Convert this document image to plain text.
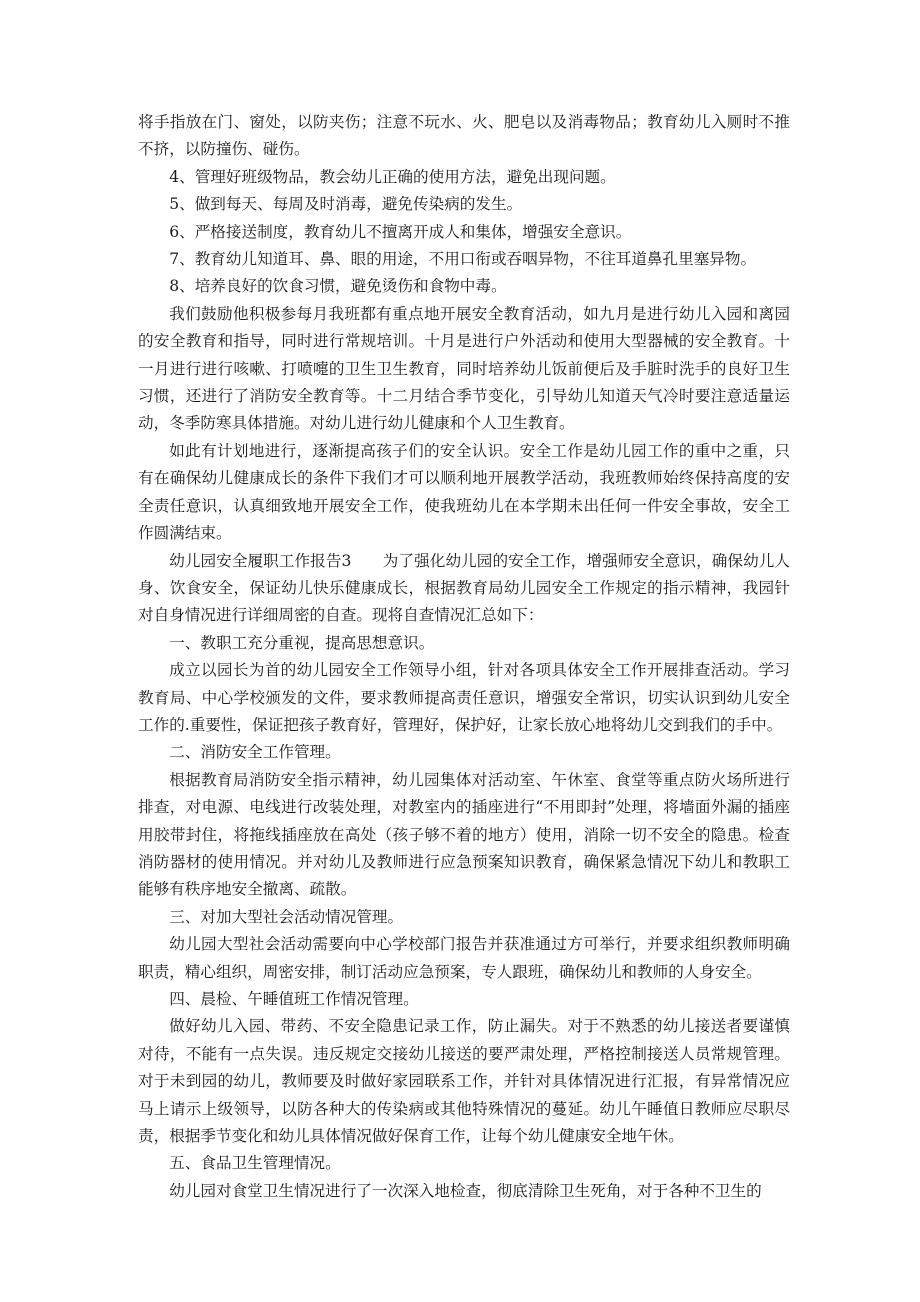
将手指放在门、窗处，以防夹伤；注意不玩水、火、肥皂以及消毒物品；教育幼儿入厕时不推不挤，以防撞伤、碰伤。

4、管理好班级物品，教会幼儿正确的使用方法，避免出现问题。

5、做到每天、每周及时消毒，避免传染病的发生。

6、严格接送制度，教育幼儿不擅离开成人和集体，增强安全意识。

7、教育幼儿知道耳、鼻、眼的用途，不用口衔或吞咽异物，不往耳道鼻孔里塞异物。

8、培养良好的饮食习惯，避免烫伤和食物中毒。

我们鼓励他积极参每月我班都有重点地开展安全教育活动，如九月是进行幼儿入园和离园的安全教育和指导，同时进行常规培训。十月是进行户外活动和使用大型器械的安全教育。十一月进行进行咳嗽、打喷嚏的卫生卫生教育，同时培养幼儿饭前便后及手脏时洗手的良好卫生习惯，还进行了消防安全教育等。十二月结合季节变化，引导幼儿知道天气冷时要注意适量运动，冬季防寒具体措施。对幼儿进行幼儿健康和个人卫生教育。

如此有计划地进行，逐渐提高孩子们的安全认识。安全工作是幼儿园工作的重中之重，只有在确保幼儿健康成长的条件下我们才可以顺利地开展教学活动，我班教师始终保持高度的安全责任意识，认真细致地开展安全工作，使我班幼儿在本学期未出任何一件安全事故，安全工作圆满结束。

幼儿园安全履职工作报告3　　为了强化幼儿园的安全工作，增强师安全意识，确保幼儿人身、饮食安全，保证幼儿快乐健康成长，根据教育局幼儿园安全工作规定的指示精神，我园针对自身情况进行详细周密的自查。现将自查情况汇总如下：

一、教职工充分重视，提高思想意识。

成立以园长为首的幼儿园安全工作领导小组，针对各项具体安全工作开展排查活动。学习教育局、中心学校颁发的文件，要求教师提高责任意识，增强安全常识，切实认识到幼儿安全工作的.重要性，保证把孩子教育好，管理好，保护好，让家长放心地将幼儿交到我们的手中。

二、消防安全工作管理。

根据教育局消防安全指示精神，幼儿园集体对活动室、午休室、食堂等重点防火场所进行排查，对电源、电线进行改装处理，对教室内的插座进行“不用即封”处理，将墙面外漏的插座用胶带封住，将拖线插座放在高处（孩子够不着的地方）使用，消除一切不安全的隐患。检查消防器材的使用情况。并对幼儿及教师进行应急预案知识教育，确保紧急情况下幼儿和教职工能够有秩序地安全撤离、疏散。

三、对加大型社会活动情况管理。

幼儿园大型社会活动需要向中心学校部门报告并获准通过方可举行，并要求组织教师明确职责，精心组织，周密安排，制订活动应急预案，专人跟班，确保幼儿和教师的人身安全。

四、晨检、午睡值班工作情况管理。

做好幼儿入园、带药、不安全隐患记录工作，防止漏失。对于不熟悉的幼儿接送者要谨慎对待，不能有一点失误。违反规定交接幼儿接送的要严肃处理，严格控制接送人员常规管理。对于未到园的幼儿，教师要及时做好家园联系工作，并针对具体情况进行汇报，有异常情况应马上请示上级领导，以防各种大的传染病或其他特殊情况的蔓延。幼儿午睡值日教师应尽职尽责，根据季节变化和幼儿具体情况做好保育工作，让每个幼儿健康安全地午休。

五、食品卫生管理情况。

幼儿园对食堂卫生情况进行了一次深入地检查，彻底清除卫生死角，对于各种不卫生的
